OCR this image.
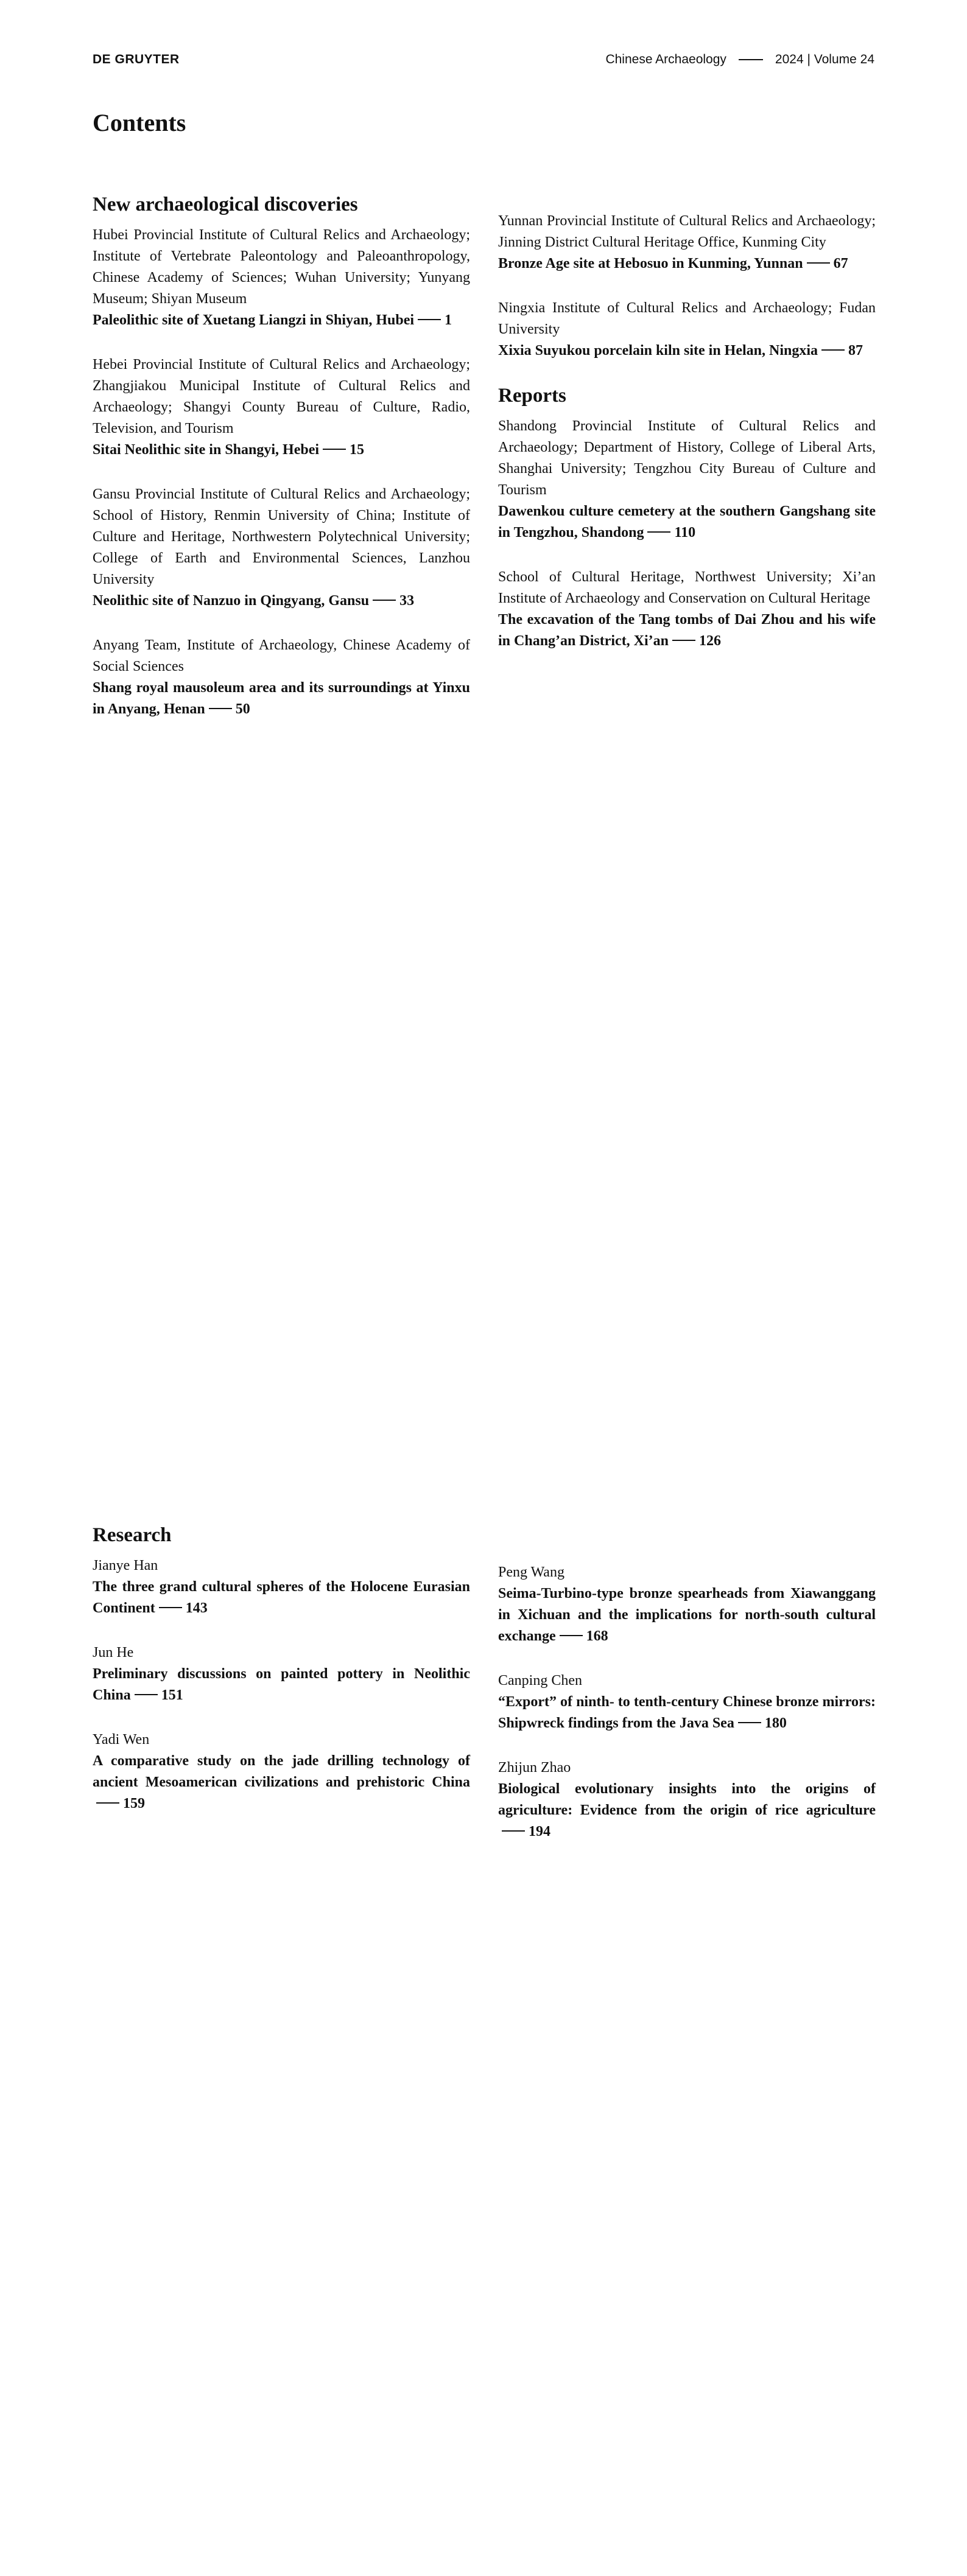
DE GRUYTER	Chinese Archaeology	2024 | Volume 24
Contents
New archaeological discoveries

Hubei Provincial Institute of Cultural Relics and Archaeology; Institute of Vertebrate Paleontology and Paleoanthropology, Chinese Academy of Sciences; Wuhan University; Yunyang Museum; Shiyan Museum

Paleolithic site of Xuetang Liangzi in Shiyan, Hubei 1

Hebei Provincial Institute of Cultural Relics and Archaeology; Zhangjiakou Municipal Institute of Cultural Relics and Archaeology; Shangyi County Bureau of Culture, Radio, Television, and Tourism

Sitai Neolithic site in Shangyi, Hebei 15

Gansu Provincial Institute of Cultural Relics and Archaeology; School of History, Renmin University of China; Institute of Culture and Heritage, Northwestern Polytechnical University; College of Earth and Environmental Sciences, Lanzhou University

Neolithic site of Nanzuo in Qingyang, Gansu 33

Anyang Team, Institute of Archaeology, Chinese Academy of Social Sciences

Shang royal mausoleum area and its surroundings at Yinxu in Anyang, Henan 50

Yunnan Provincial Institute of Cultural Relics and Archaeology; Jinning District Cultural Heritage Office, Kunming City

Bronze Age site at Hebosuo in Kunming, Yunnan 67

Ningxia Institute of Cultural Relics and Archaeology; Fudan University

Xixia Suyukou porcelain kiln site in Helan, Ningxia 87

Reports

Shandong Provincial Institute of Cultural Relics and Archaeology; Department of History, College of Liberal Arts, Shanghai University; Tengzhou City Bureau of Culture and Tourism

Dawenkou culture cemetery at the southern Gangshang site in Tengzhou, Shandong 110

School of Cultural Heritage, Northwest University; Xi’an Institute of Archaeology and Conservation on Cultural Heritage

The excavation of the Tang tombs of Dai Zhou and his wife in Chang’an District, Xi’an 126

Research

Jianye Han

The three grand cultural spheres of the Holocene Eurasian Continent 143

Jun He

Preliminary discussions on painted pottery in Neolithic China 151

Yadi Wen

A comparative study on the jade drilling technology of ancient Mesoamerican civilizations and prehistoric China159

Peng Wang

Seima-Turbino-type bronze spearheads from Xiawanggang in Xichuan and the implications for north-south cultural exchange 168

Canping Chen

“Export” of ninth- to tenth-century Chinese bronze mirrors: Shipwreck findings from the Java Sea 180

Zhijun Zhao

Biological evolutionary insights into the origins of agriculture: Evidence from the origin of rice agriculture194
